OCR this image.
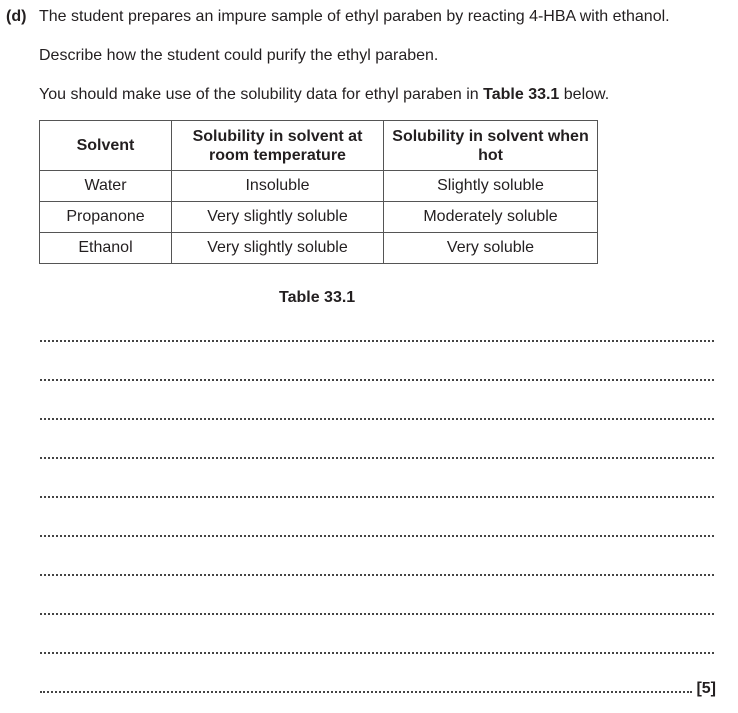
(d) The student prepares an impure sample of ethyl paraben by reacting 4-HBA with ethanol.
Describe how the student could purify the ethyl paraben.
You should make use of the solubility data for ethyl paraben in Table 33.1 below.
Solvent	Solubility in solvent at room temperature	Solubility in solvent when hot
Water	Insoluble	Slightly soluble
Propanone	Very slightly soluble	Moderately soluble
Ethanol	Very slightly soluble	Very soluble
Table 33.1
[5]
